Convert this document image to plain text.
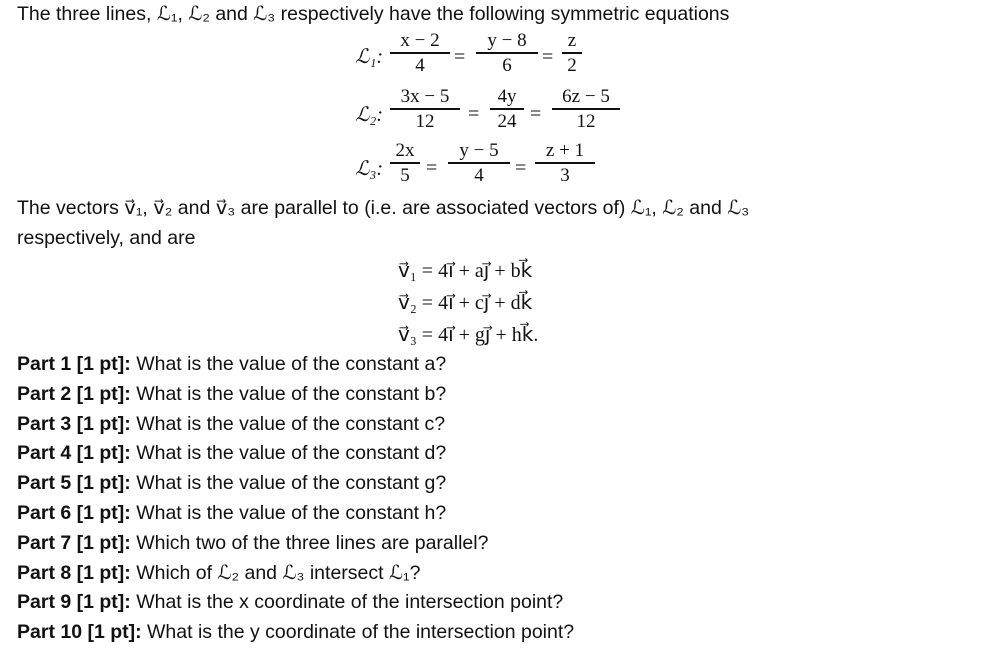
The three lines, ℒ₁, ℒ₂ and ℒ₃ respectively have the following symmetric equations
ℒ₁:
x − 2
4	=
y − 8
6	=
z
2
ℒ₂:
3x − 5
12	=
4y
24 =
6z − 5
12
ℒ₃:
2x
5 =
y − 5
4	=
z + 1
3
The vectors v⃗₁, v⃗₂ and v⃗₃ are parallel to (i.e. are associated vectors of) ℒ₁, ℒ₂ and ℒ₃
respectively, and are
v⃗₁ = 4ı⃗ + aȷ⃗ + bk⃗
v⃗₂ = 4ı⃗ + cȷ⃗ + dk⃗
v⃗₃ = 4ı⃗ + gȷ⃗ + hk⃗.
Part 1 [1 pt]: What is the value of the constant a?
Part 2 [1 pt]: What is the value of the constant b?
Part 3 [1 pt]: What is the value of the constant c?
Part 4 [1 pt]: What is the value of the constant d?
Part 5 [1 pt]: What is the value of the constant g?
Part 6 [1 pt]: What is the value of the constant h?
Part 7 [1 pt]: Which two of the three lines are parallel?
Part 8 [1 pt]: Which of ℒ₂ and ℒ₃ intersect ℒ₁?
Part 9 [1 pt]: What is the x coordinate of the intersection point?
Part 10 [1 pt]: What is the y coordinate of the intersection point?
